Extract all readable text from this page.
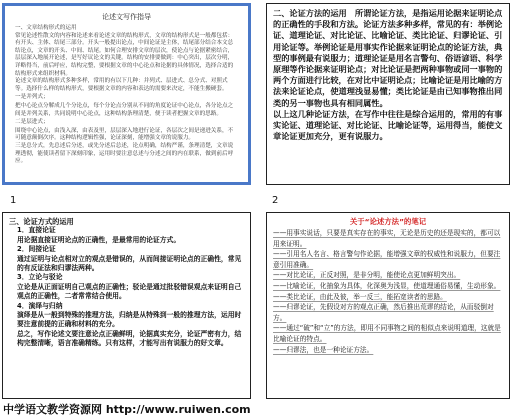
论述文写作指导

一、文章结构形式的运用

常见论述性散文的内容和论述来看论述文章的结构形式，文章的结构形式是一般都包括：有开头、主体、结尾三部分。开头一般提出论点，中间论证是主体，结尾部分结合本文总结论点，文章的开头、中间、结尾。如何合理安排文章的层次，使论点与论据紧密结合，层层深入地展开论述，是写好议论文的关键。结构的安排要做到：中心突出，层次分明，详略得当，前后呼应，结构完整，要根据文章的中心论点和论据的具体情况，选择合适的结构形式来组织材料。

论述文章的结构形式多种多样，常用的有以下几种：并列式、层进式、总分式、对照式等。选择什么样的结构形式，要根据文章的内容和表达的需要来决定，不能生搬硬套。

一是并列式；

把中心论点分解成几个分论点，每个分论点分别从不同的角度论证中心论点，各分论点之间是并列关系，共同说明中心论点，这种结构条理清楚，便于读者把握文章的思路。

二是层进式；

围绕中心论点，由浅入深，由表及里，层层深入地进行论证，各层次之间是递进关系，不可随意颠倒次序。这种结构逻辑性强，论证深刻，能增强文章的说服力。

三是总分式，先总述后分述，或先分述后总述，论点明确，结构严谨，条理清楚，文章说理透彻，能使读者留下深刻印象，运用时要注意总述与分述之间的内在联系，做到前后呼应。

二、论证方法的运用　所谓论证方法，是指运用论据来证明论点的正确性的手段和方法。论证方法多种多样，常见的有：举例论证、道理论证、对比论证、比喻论证、类比论证、归谬论证、引用论证等。举例论证是用事实作论据来证明论点的论证方法，典型的事例最有说服力；道理论证是用名言警句、俗语谚语、科学原理等作论据来证明论点；对比论证是把两种事物或同一事物的两个方面进行比较，在对比中证明论点；比喻论证是用比喻的方法来论证论点，使道理浅显易懂；类比论证是由已知事物推出同类的另一事物也具有相同属性。

以上这几种论证方法，在写作中往往是综合运用的，常用的有事实论证、道理论证、对比论证、比喻论证等，运用得当，能使文章论证更加充分，更有说服力。

1	2

三、论证方式的运用

1．直接论证

用论据直接证明论点的正确性，是最常用的论证方式。

2．间接论证

通过证明与论点相对立的观点是错误的，从而间接证明论点的正确性，常见的有反证法和归谬法两种。

3．立论与驳论

立论是从正面证明自己观点的正确性；驳论是通过批驳错误观点来证明自己观点的正确性，二者常常结合使用。

4．演绎与归纳

演绎是从一般到特殊的推理方法，归纳是从特殊到一般的推理方法，运用时要注意前提的正确和材料的充分。

总之，写作论述文要注意论点正确鲜明，论据真实充分，论证严密有力，结构完整清晰，语言准确精练。只有这样，才能写出有说服力的好文章。

关于“论述方法”的笔记

——用事实说话，只要是真实存在的事实，无论是历史的还是现实的，都可以用来证明。

——引用名人名言、格言警句作论据，能增强文章的权威性和说服力，但要注意引用准确。

——对比论证，正反对照，是非分明，能使论点更加鲜明突出。

——比喻论证，化抽象为具体，化深奥为浅显，使道理通俗易懂，生动形象。

——类比论证，由此及彼，举一反三，能拓宽读者的思路。

——归谬论证，先假设对方的观点正确，然后推出荒谬的结论，从而驳倒对方。

——通过“破”和“立”的方法，即用不同事物之间的相似点来说明道理，这就是比喻论证的特点。

——归谬法，也是一种论证方法。

中学语文教学资源网 http://www.ruiwen.com
